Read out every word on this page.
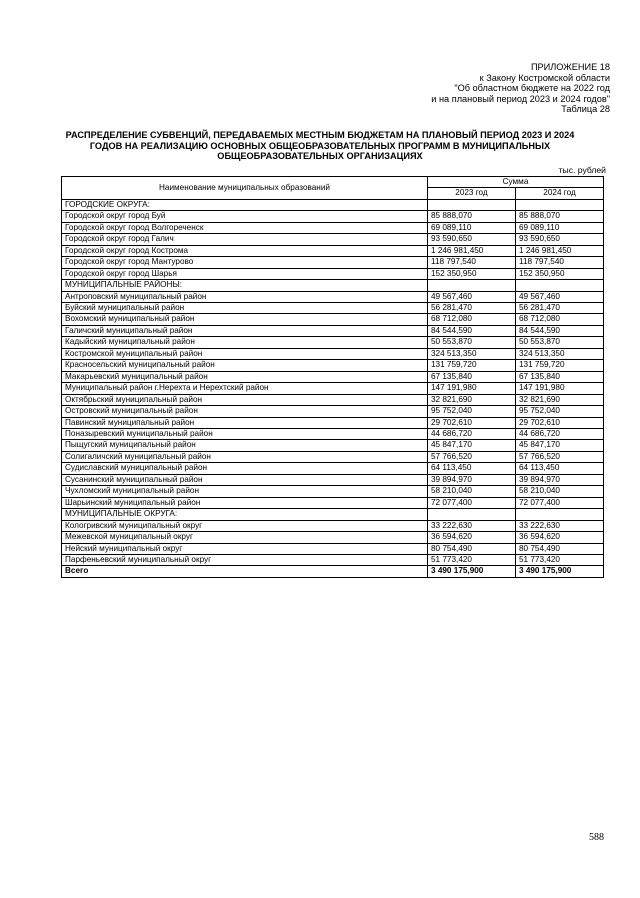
ПРИЛОЖЕНИЕ 18
к Закону Костромской области
"Об областном бюджете на 2022 год
и на плановый период 2023 и 2024 годов"
Таблица 28
РАСПРЕДЕЛЕНИЕ СУБВЕНЦИЙ, ПЕРЕДАВАЕМЫХ МЕСТНЫМ БЮДЖЕТАМ НА ПЛАНОВЫЙ ПЕРИОД 2023 И 2024
ГОДОВ НА РЕАЛИЗАЦИЮ ОСНОВНЫХ ОБЩЕОБРАЗОВАТЕЛЬНЫХ ПРОГРАММ В МУНИЦИПАЛЬНЫХ
ОБЩЕОБРАЗОВАТЕЛЬНЫХ ОРГАНИЗАЦИЯХ
тыс. рублей
Наименование муниципальных образований	Сумма	
	2023 год	2024 год
ГОРОДСКИЕ ОКРУГА:		
Городской округ город Буй	85 888,070	85 888,070
Городской округ город Волгореченск	69 089,110	69 089,110
Городской округ город Галич	93 590,650	93 590,650
Городской округ город Кострома	1 246 981,450	1 246 981,450
Городской округ город Мантурово	118 797,540	118 797,540
Городской округ город Шарья	152 350,950	152 350,950
МУНИЦИПАЛЬНЫЕ РАЙОНЫ:		
Антроповский муниципальный район	49 567,460	49 567,460
Буйский муниципальный район	56 281,470	56 281,470
Вохомский муниципальный район	68 712,080	68 712,080
Галичский муниципальный район	84 544,590	84 544,590
Кадыйский муниципальный район	50 553,870	50 553,870
Костромской муниципальный район	324 513,350	324 513,350
Красносельский муниципальный район	131 759,720	131 759,720
Макарьевский муниципальный район	67 135,840	67 135,840
Муниципальный район г.Нерехта и Нерехтский район	147 191,980	147 191,980
Октябрьский муниципальный район	32 821,690	32 821,690
Островский муниципальный район	95 752,040	95 752,040
Павинский муниципальный район	29 702,610	29 702,610
Поназыревский муниципальный район	44 686,720	44 686,720
Пыщугский муниципальный район	45 847,170	45 847,170
Солигаличский муниципальный район	57 766,520	57 766,520
Судиславский муниципальный район	64 113,450	64 113,450
Сусанинский муниципальный район	39 894,970	39 894,970
Чухломский муниципальный район	58 210,040	58 210,040
Шарьинский муниципальный район	72 077,400	72 077,400
МУНИЦИПАЛЬНЫЕ ОКРУГА:		
Кологривский муниципальный округ	33 222,630	33 222,630
Межевской муниципальный округ	36 594,620	36 594,620
Нейский муниципальный округ	80 754,490	80 754,490
Парфеньевский муниципальный округ	51 773,420	51 773,420
Всего	3 490 175,900	3 490 175,900
588
